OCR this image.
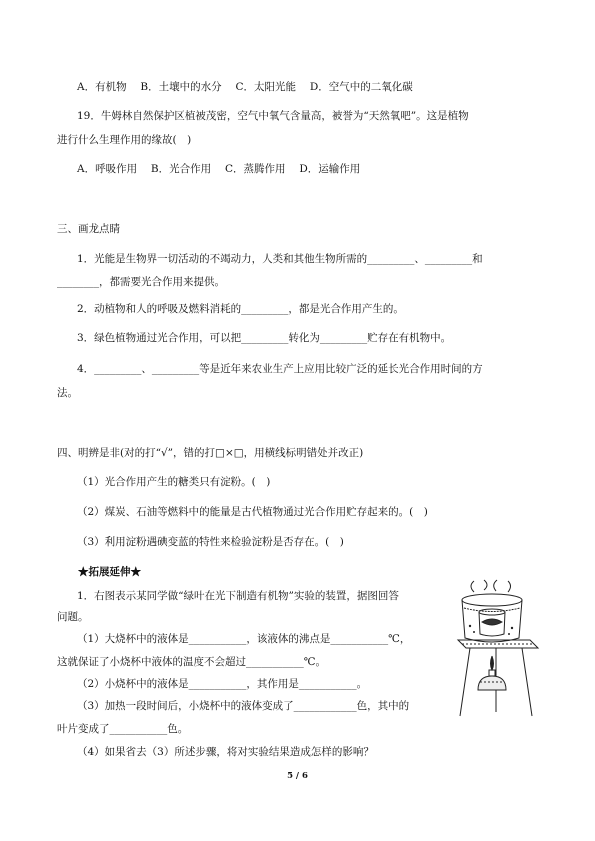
A．有机物　 B．土壤中的水分　 C．太阳光能　 D．空气中的二氧化碳
19．牛姆林自然保护区植被茂密，空气中氧气含量高，被誉为“天然氧吧”。这是植物
进行什么生理作用的缘故(　)
A．呼吸作用　 B．光合作用　 C．蒸腾作用　 D．运输作用
三、画龙点睛
1．光能是生物界一切活动的不竭动力，人类和其他生物所需的_________、_________和
________，都需要光合作用来提供。
2．动植物和人的呼吸及燃料消耗的_________，都是光合作用产生的。
3．绿色植物通过光合作用，可以把_________转化为_________贮存在有机物中。
4．_________、_________等是近年来农业生产上应用比较广泛的延长光合作用时间的方
法。
四、明辨是非(对的打“√”，错的打□×□，用横线标明错处并改正)
（1）光合作用产生的糖类只有淀粉。(　)
（2）煤炭、石油等燃料中的能量是古代植物通过光合作用贮存起来的。(　)
（3）利用淀粉遇碘变蓝的特性来检验淀粉是否存在。(　)
★拓展延伸★
1．右图表示某同学做“绿叶在光下制造有机物”实验的装置，据图回答
问题。
（1）大烧杯中的液体是___________，该液体的沸点是___________℃，
这就保证了小烧杯中液体的温度不会超过___________℃。
（2）小烧杯中的液体是___________，其作用是___________。
（3）加热一段时间后，小烧杯中的液体变成了____________色，其中的
叶片变成了___________色。
（4）如果省去（3）所述步骤，将对实验结果造成怎样的影响？
5 / 6
